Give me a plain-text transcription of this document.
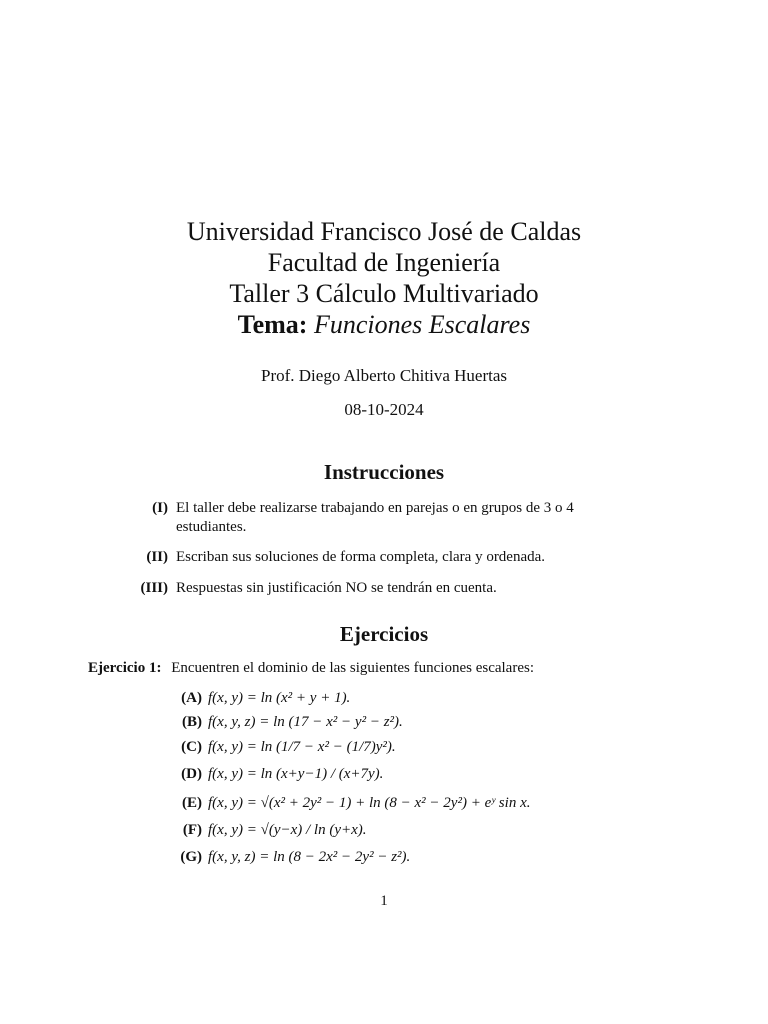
Universidad Francisco José de Caldas
Facultad de Ingeniería
Taller 3 Cálculo Multivariado
Tema: Funciones Escalares
Prof. Diego Alberto Chitiva Huertas
08-10-2024
Instrucciones
(I) El taller debe realizarse trabajando en parejas o en grupos de 3 o 4 estudiantes.
(II) Escriban sus soluciones de forma completa, clara y ordenada.
(III) Respuestas sin justificación NO se tendrán en cuenta.
Ejercicios
Ejercicio 1: Encuentren el dominio de las siguientes funciones escalares:
(A) f(x, y) = ln (x² + y + 1).
(B) f(x, y, z) = ln (17 − x² − y² − z²).
(C) f(x, y) = ln (1/7 − x² − (1/7)y²).
(D) f(x, y) = ln (x+y−1) / (x+7y).
(E) f(x, y) = √(x² + 2y² − 1) + ln (8 − x² − 2y²) + eʸ sin x.
(F) f(x, y) = √(y−x) / ln (y+x).
(G) f(x, y, z) = ln (8 − 2x² − 2y² − z²).
1
